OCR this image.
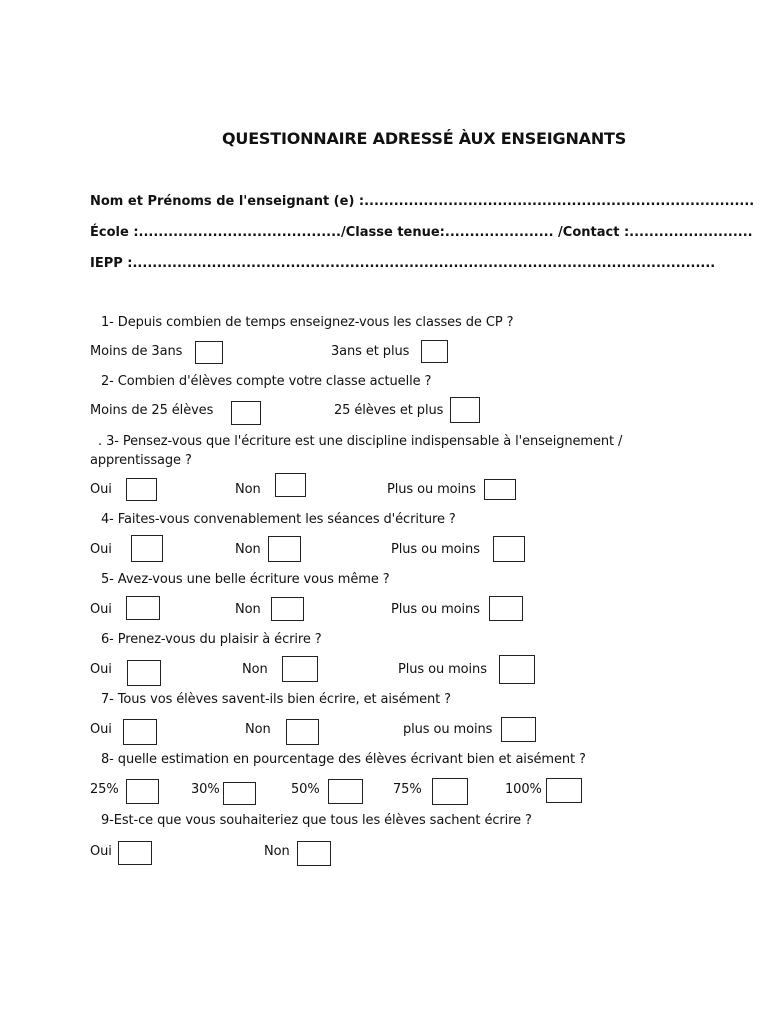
QUESTIONNAIRE ADRESSÉ ÀUX ENSEIGNANTS
Nom et Prénoms de l'enseignant (e) :...............................................................................
École :........................................./Classe tenue:...................... /Contact :.........................
IEPP :......................................................................................................................
1- Depuis combien de temps enseignez-vous les classes de CP ?
Moins de 3ans	3ans et plus
2- Combien d'élèves compte votre classe actuelle ?
Moins de 25 élèves	25 élèves et plus
. 3- Pensez-vous que l'écriture est une discipline indispensable à l'enseignement /
apprentissage ?
Oui	Non	Plus ou moins
4- Faites-vous convenablement les séances d'écriture ?
Oui	Non	Plus ou moins
5- Avez-vous une belle écriture vous même ?
Oui	Non	Plus ou moins
6- Prenez-vous du plaisir à écrire ?
Oui	Non	Plus ou moins
7- Tous vos élèves savent-ils bien écrire, et aisément ?
Oui	Non	plus ou moins
8- quelle estimation en pourcentage des élèves écrivant bien et aisément ?
25%	30%	50%	75%	100%
9-Est-ce que vous souhaiteriez que tous les élèves sachent écrire ?
Oui	Non
